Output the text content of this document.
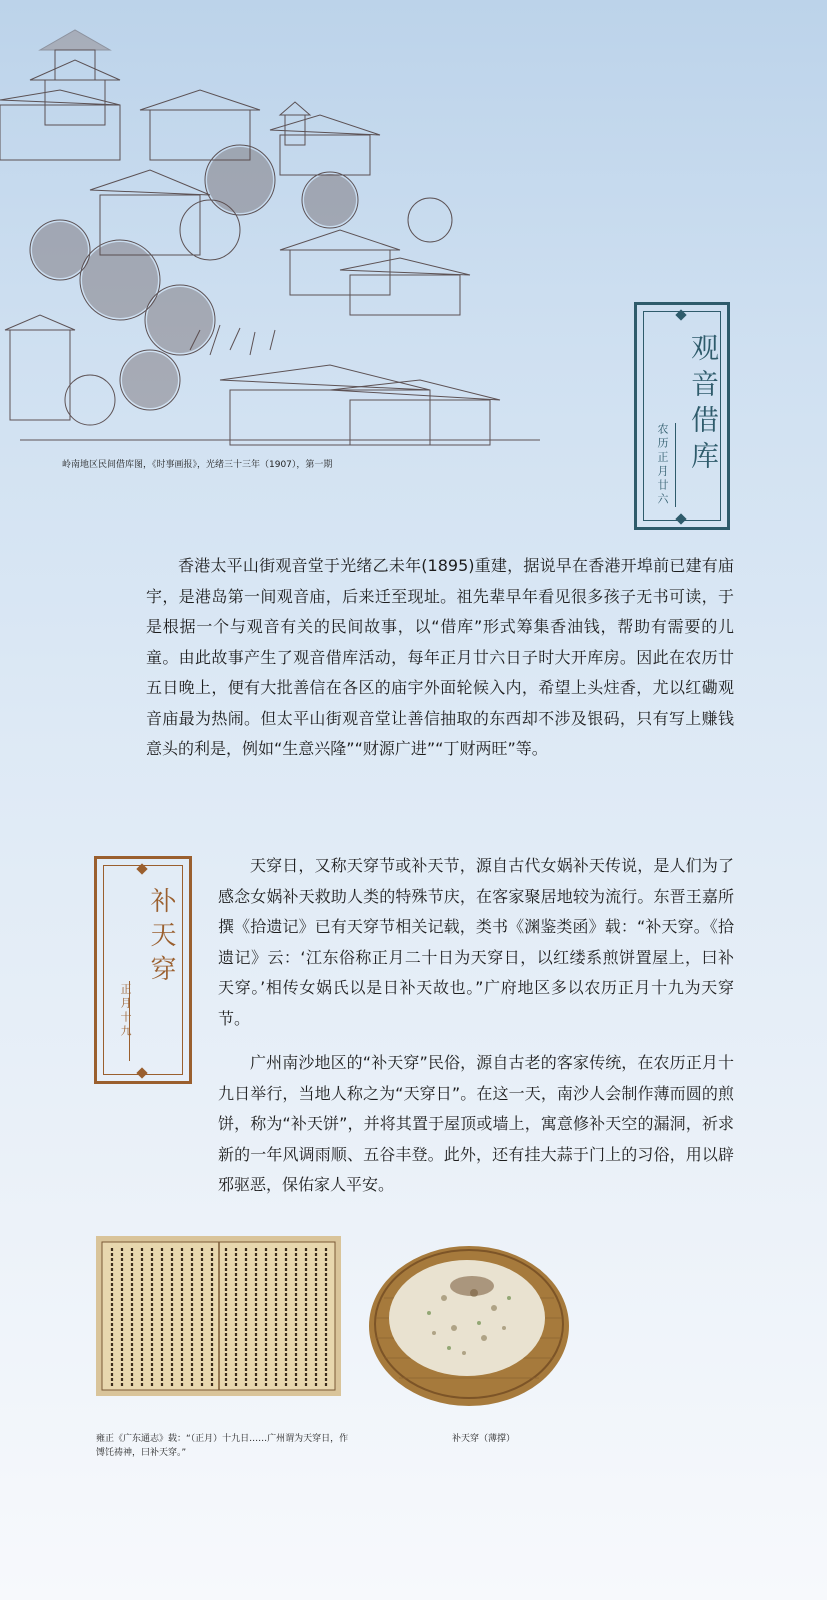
岭南地区民间借库图，《时事画报》，光绪三十三年（1907），第一期	观音借库
农历正月廿六

香港太平山街观音堂于光绪乙未年(1895)重建，据说早在香港开埠前已建有庙宇，是港岛第一间观音庙，后来迁至现址。祖先辈早年看见很多孩子无书可读，于是根据一个与观音有关的民间故事，以“借库”形式筹集香油钱，帮助有需要的儿童。由此故事产生了观音借库活动，每年正月廿六日子时大开库房。因此在农历廿五日晚上，便有大批善信在各区的庙宇外面轮候入内，希望上头炷香，尤以红磡观音庙最为热闹。但太平山街观音堂让善信抽取的东西却不涉及银码，只有写上赚钱意头的利是，例如“生意兴隆”“财源广进”“丁财两旺”等。

补天穿
正月十九

天穿日，又称天穿节或补天节，源自古代女娲补天传说，是人们为了感念女娲补天救助人类的特殊节庆，在客家聚居地较为流行。东晋王嘉所撰《拾遗记》已有天穿节相关记载，类书《渊鉴类函》载：“补天穿。《拾遗记》云：‘江东俗称正月二十日为天穿日，以红缕系煎饼置屋上，曰补天穿。’相传女娲氏以是日补天故也。”广府地区多以农历正月十九为天穿节。

广州南沙地区的“补天穿”民俗，源自古老的客家传统，在农历正月十九日举行，当地人称之为“天穿日”。在这一天，南沙人会制作薄而圆的煎饼，称为“补天饼”，并将其置于屋顶或墙上，寓意修补天空的漏洞，祈求新的一年风调雨顺、五谷丰登。此外，还有挂大蒜于门上的习俗，用以辟邪驱恶，保佑家人平安。

雍正《广东通志》载：“（正月）十九日……广州谓为天穿日，作馎饦祷神，曰补天穿。”
补天穿（薄撑）
